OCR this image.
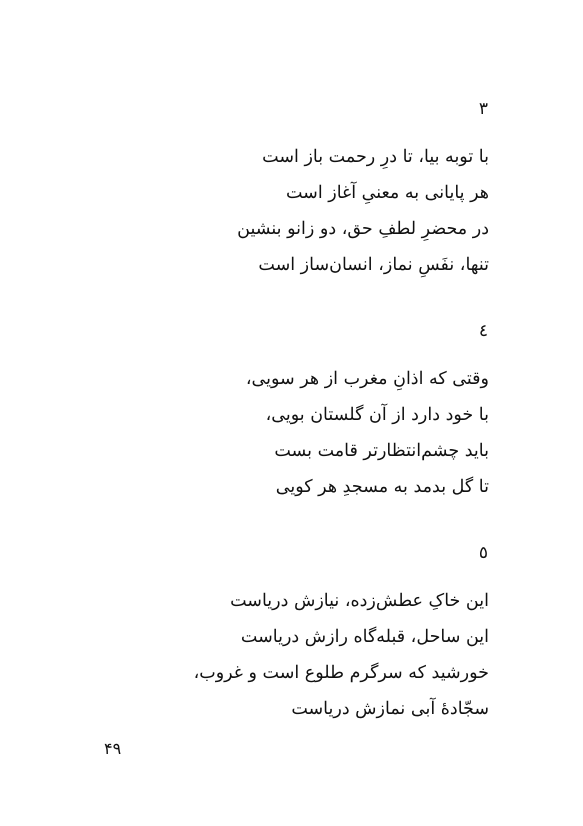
٣

با توبه بیا، تا درِ رحمت باز است

هر پایانی به معنیِ آغاز است

در محضرِ لطفِ حق، دو زانو بنشین

تنها، نفَسِ نماز، انسان‌ساز است

٤

وقتی که اذانِ مغرب از هر سویی،

با خود دارد از آن گلستان بویی،

باید چشم‌انتظارتر قامت بست

تا گل بدمد به مسجدِ هر کویی

٥

این خاکِ عطش‌زده، نیازش دریاست

این ساحل، قبله‌گاه رازش دریاست

خورشید که سرگرم طلوع است و غروب،

سجّادهٔ آبی نمازش دریاست

۴۹
